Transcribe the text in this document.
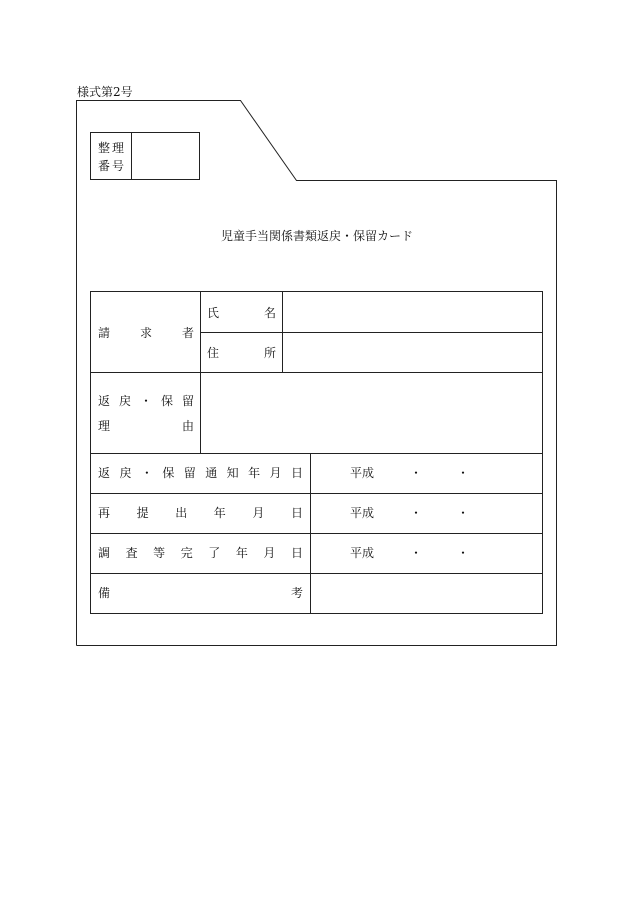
様式第2号
整 理
番 号
児童手当関係書類返戻・保留カード
請 求 者
氏	名
住	所
返 戻 ・ 保 留
理	由
返 戻 ・ 保 留 通 知 年 月 日	平成	・	・
再 提 出 年 月 日	平成	・	・
調 査 等 完 了 年 月 日	平成	・	・
備	考
